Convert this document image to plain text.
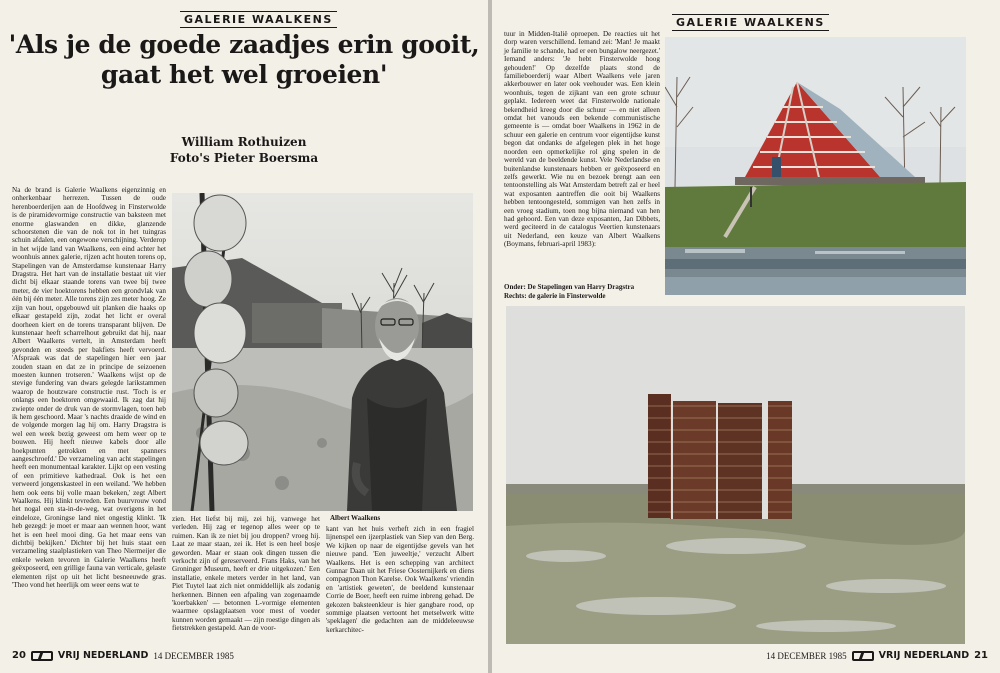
GALERIE WAALKENS
'Als je de goede zaadjes erin gooit, gaat het wel groeien'
William Rothuizen
Foto's Pieter Boersma
Na de brand is Galerie Waalkens eigenzinnig en onherkenbaar herrezen. Tussen de oude herenboerderijen aan de Hoofdweg in Finsterwolde is de piramidevormige constructie van baksteen met enorme glaswanden en dikke, glanzende schoorstenen die van de nok tot in het tuingras schuin afdalen, een ongewone verschijning. Verderop in het wijde land van Waalkens, een eind achter het woonhuis annex galerie, rijzen acht houten torens op, Stapelingen van de Amsterdamse kunstenaar Harry Dragstra. Het hart van de installatie bestaat uit vier dicht bij elkaar staande torens van twee bij twee meter, de vier hoektorens hebben een grondvlak van één bij één meter. Alle torens zijn zes meter hoog. Ze zijn van hout, opgebouwd uit planken die haaks op elkaar gestapeld zijn, zodat het licht er overal doorheen kiert en de torens transparant blijven. De kunstenaar heeft scharrelhout gebruikt dat hij, naar Albert Waalkens vertelt, in Amsterdam heeft gevonden en steeds per bakfiets heeft vervoerd. 'Afspraak was dat de stapelingen hier een jaar zouden staan en dat ze in principe de seizoenen moesten kunnen trotseren.' Waalkens wijst op de stevige fundering van dwars gelegde larikstammen waarop de houtzware constructie rust. 'Toch is er onlangs een hoektoren omgewaaid. Ik zag dat hij zwiepte onder de druk van de stormvlagen, toen heb ik hem geschoord. Maar 's nachts draaide de wind en de volgende morgen lag hij om. Harry Dragstra is wel een week bezig geweest om hem weer op te bouwen. Hij heeft nieuwe kabels door alle hoekpunten getrokken en met spanners aangeschroefd.' De verzameling van acht stapelingen heeft een monumentaal karakter. Lijkt op een vesting of een primitieve kathedraal. Ook is het een verweerd jongenskasteel in een weiland. 'We hebben hem ook eens bij volle maan bekeken,' zegt Albert Waalkens. Hij klinkt tevreden. Een buurvrouw vond het nogal een sta-in-de-weg, wat overigens in het eindeloze, Groningse land niet ongestig klinkt. 'Ik heb gezegd: je moet er maar aan wennen hoor, want het is een heel mooi ding. Ga het maar eens van dichtbij bekijken.' Dichter bij het huis staat een verzameling staalplastieken van Theo Niermeijer die enkele weken tevoren in Galerie Waalkens heeft geëxposeerd, een grillige fauna van verticale, gelaste elementen rijst op uit het licht besneeuwde gras. 'Theo vond het heerlijk om weer eens wat te
Albert Waalkens
zien. Het liefst bij mij, zei hij, vanwege het verleden. Hij zag er tegenop alles weer op te ruimen. Kan ik ze niet bij jou droppen? vroeg hij. Laat ze maar staan, zei ik. Het is een heel bosje geworden. Maar er staan ook dingen tussen die verkocht zijn of gereserveerd. Frans Haks, van het Groninger Museum, heeft er drie uitgekozen.' Een installatie, enkele meters verder in het land, van Piet Tuytel laat zich niet onmiddellijk als zodanig herkennen. Binnen een afpaling van zogenaamde 'koerbakken' — betonnen L-vormige elementen waarmee opslagplaatsen voor mest of voeder kunnen worden gemaakt — zijn roestige dingen als fietstrekken gestapeld. Aan de voor-
kant van het huis verheft zich in een fragiel lijnenspel een ijzerplastiek van Siep van den Berg. We kijken op naar de eigentijdse gevels van het nieuwe pand. 'Een juweeltje,' verzucht Albert Waalkens. Het is een schepping van architect Gunnar Daan uit het Friese Oosternijkerk en diens compagnon Thon Karelse. Ook Waalkens' vriendin en 'artistiek geweten', de beeldend kunstenaar Corrie de Boer, heeft een ruime inbreng gehad. De gekozen baksteenkleur is hier gangbare rood, op sommige plaatsen vertoont het metselwerk witte 'speklagen' die gedachten aan de middeleeuwse kerkarchitec-
20	VRIJ NEDERLAND 14 DECEMBER 1985
tuur in Midden-Italië oproepen. De reacties uit het dorp waren verschillend. Iemand zei: 'Man! Je maakt je familie te schande, had er een bungalow neergezet.' Iemand anders: 'Je hebt Finsterwolde hoog gehouden!' Op dezelfde plaats stond de familieboerderij waar Albert Waalkens vele jaren akkerbouwer en later ook veehouder was. Een klein woonhuis, tegen de zijkant van een grote schuur geplakt. Iedereen weet dat Finsterwolde nationale bekendheid kreeg door die schuur — en niet alleen omdat het vanouds een bekende communistische gemeente is — omdat boer Waalkens in 1962 in de schuur een galerie en centrum voor eigentijdse kunst begon dat ondanks de afgelegen plek in het hoge noorden een opmerkelijke rol ging spelen in de wereld van de beeldende kunst. Vele Nederlandse en buitenlandse kunstenaars hebben er geëxposeerd en zelfs gewerkt. Wie nu en bezoek brengt aan een tentoonstelling als Wat Amsterdam betreft zal er heel wat exposanten aantreffen die ooit bij Waalkens hebben tentoongesteld, sommigen van hen zelfs in een vroeg stadium, toen nog bijna niemand van hen had gehoord. Een van deze exposanten, Jan Dibbets, werd geciteerd in de catalogus Veertien kunstenaars uit Nederland, een keuze van Albert Waalkens (Boymans, februari-april 1983):
Onder: De Stapelingen van Harry Dragstra
Rechts: de galerie in Finsterwolde
GALERIE WAALKENS
14 DECEMBER 1985	VRIJ NEDERLAND 21
